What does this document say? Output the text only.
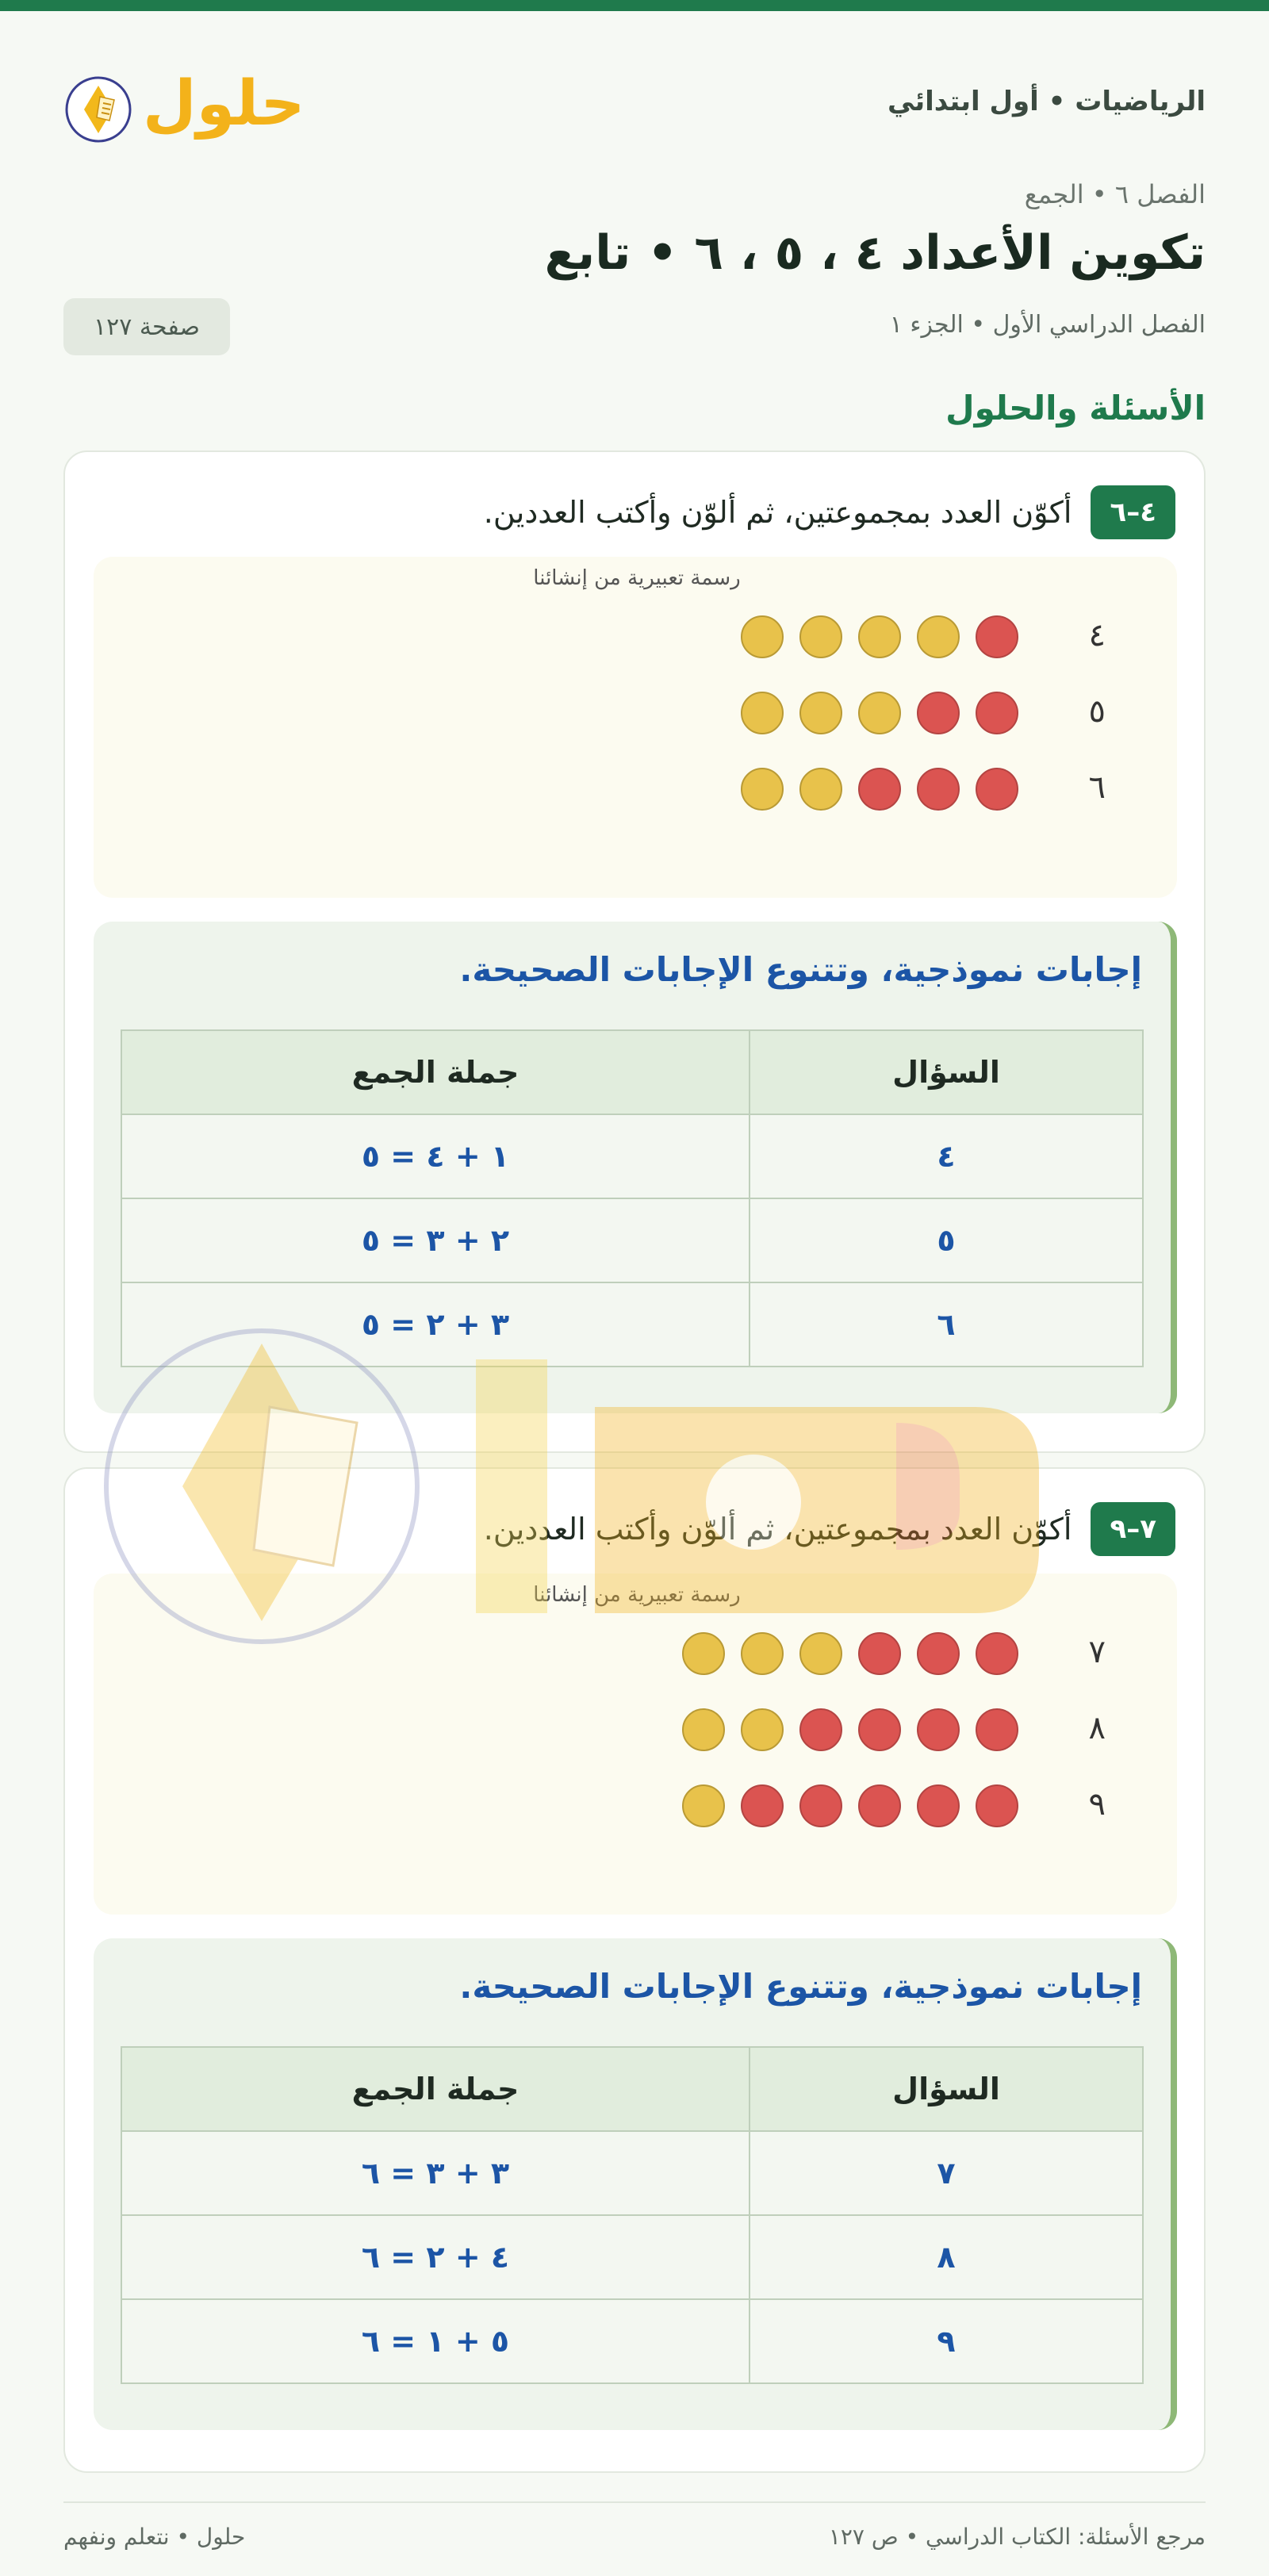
الرياضيات • أول ابتدائي
حلول
الفصل ٦ • الجمع
تكوين الأعداد ٤ ، ٥ ، ٦ • تابع
الفصل الدراسي الأول • الجزء ١
صفحة ١٢٧
الأسئلة والحلول
٤–٦
أكوّن العدد بمجموعتين، ثم ألوّن وأكتب العددين.
رسمة تعبيرية من إنشائنا
٤
٥
٦
إجابات نموذجية، وتتنوع الإجابات الصحيحة.
السؤال	جملة الجمع
٤	١ + ٤ = ٥
٥	٢ + ٣ = ٥
٦	٣ + ٢ = ٥
٧–٩
أكوّن العدد بمجموعتين، ثم ألوّن وأكتب العددين.
رسمة تعبيرية من إنشائنا
٧
٨
٩
إجابات نموذجية، وتتنوع الإجابات الصحيحة.
السؤال	جملة الجمع
٧	٣ + ٣ = ٦
٨	٤ + ٢ = ٦
٩	٥ + ١ = ٦
مرجع الأسئلة: الكتاب الدراسي • ص ١٢٧
حلول • نتعلم ونفهم
